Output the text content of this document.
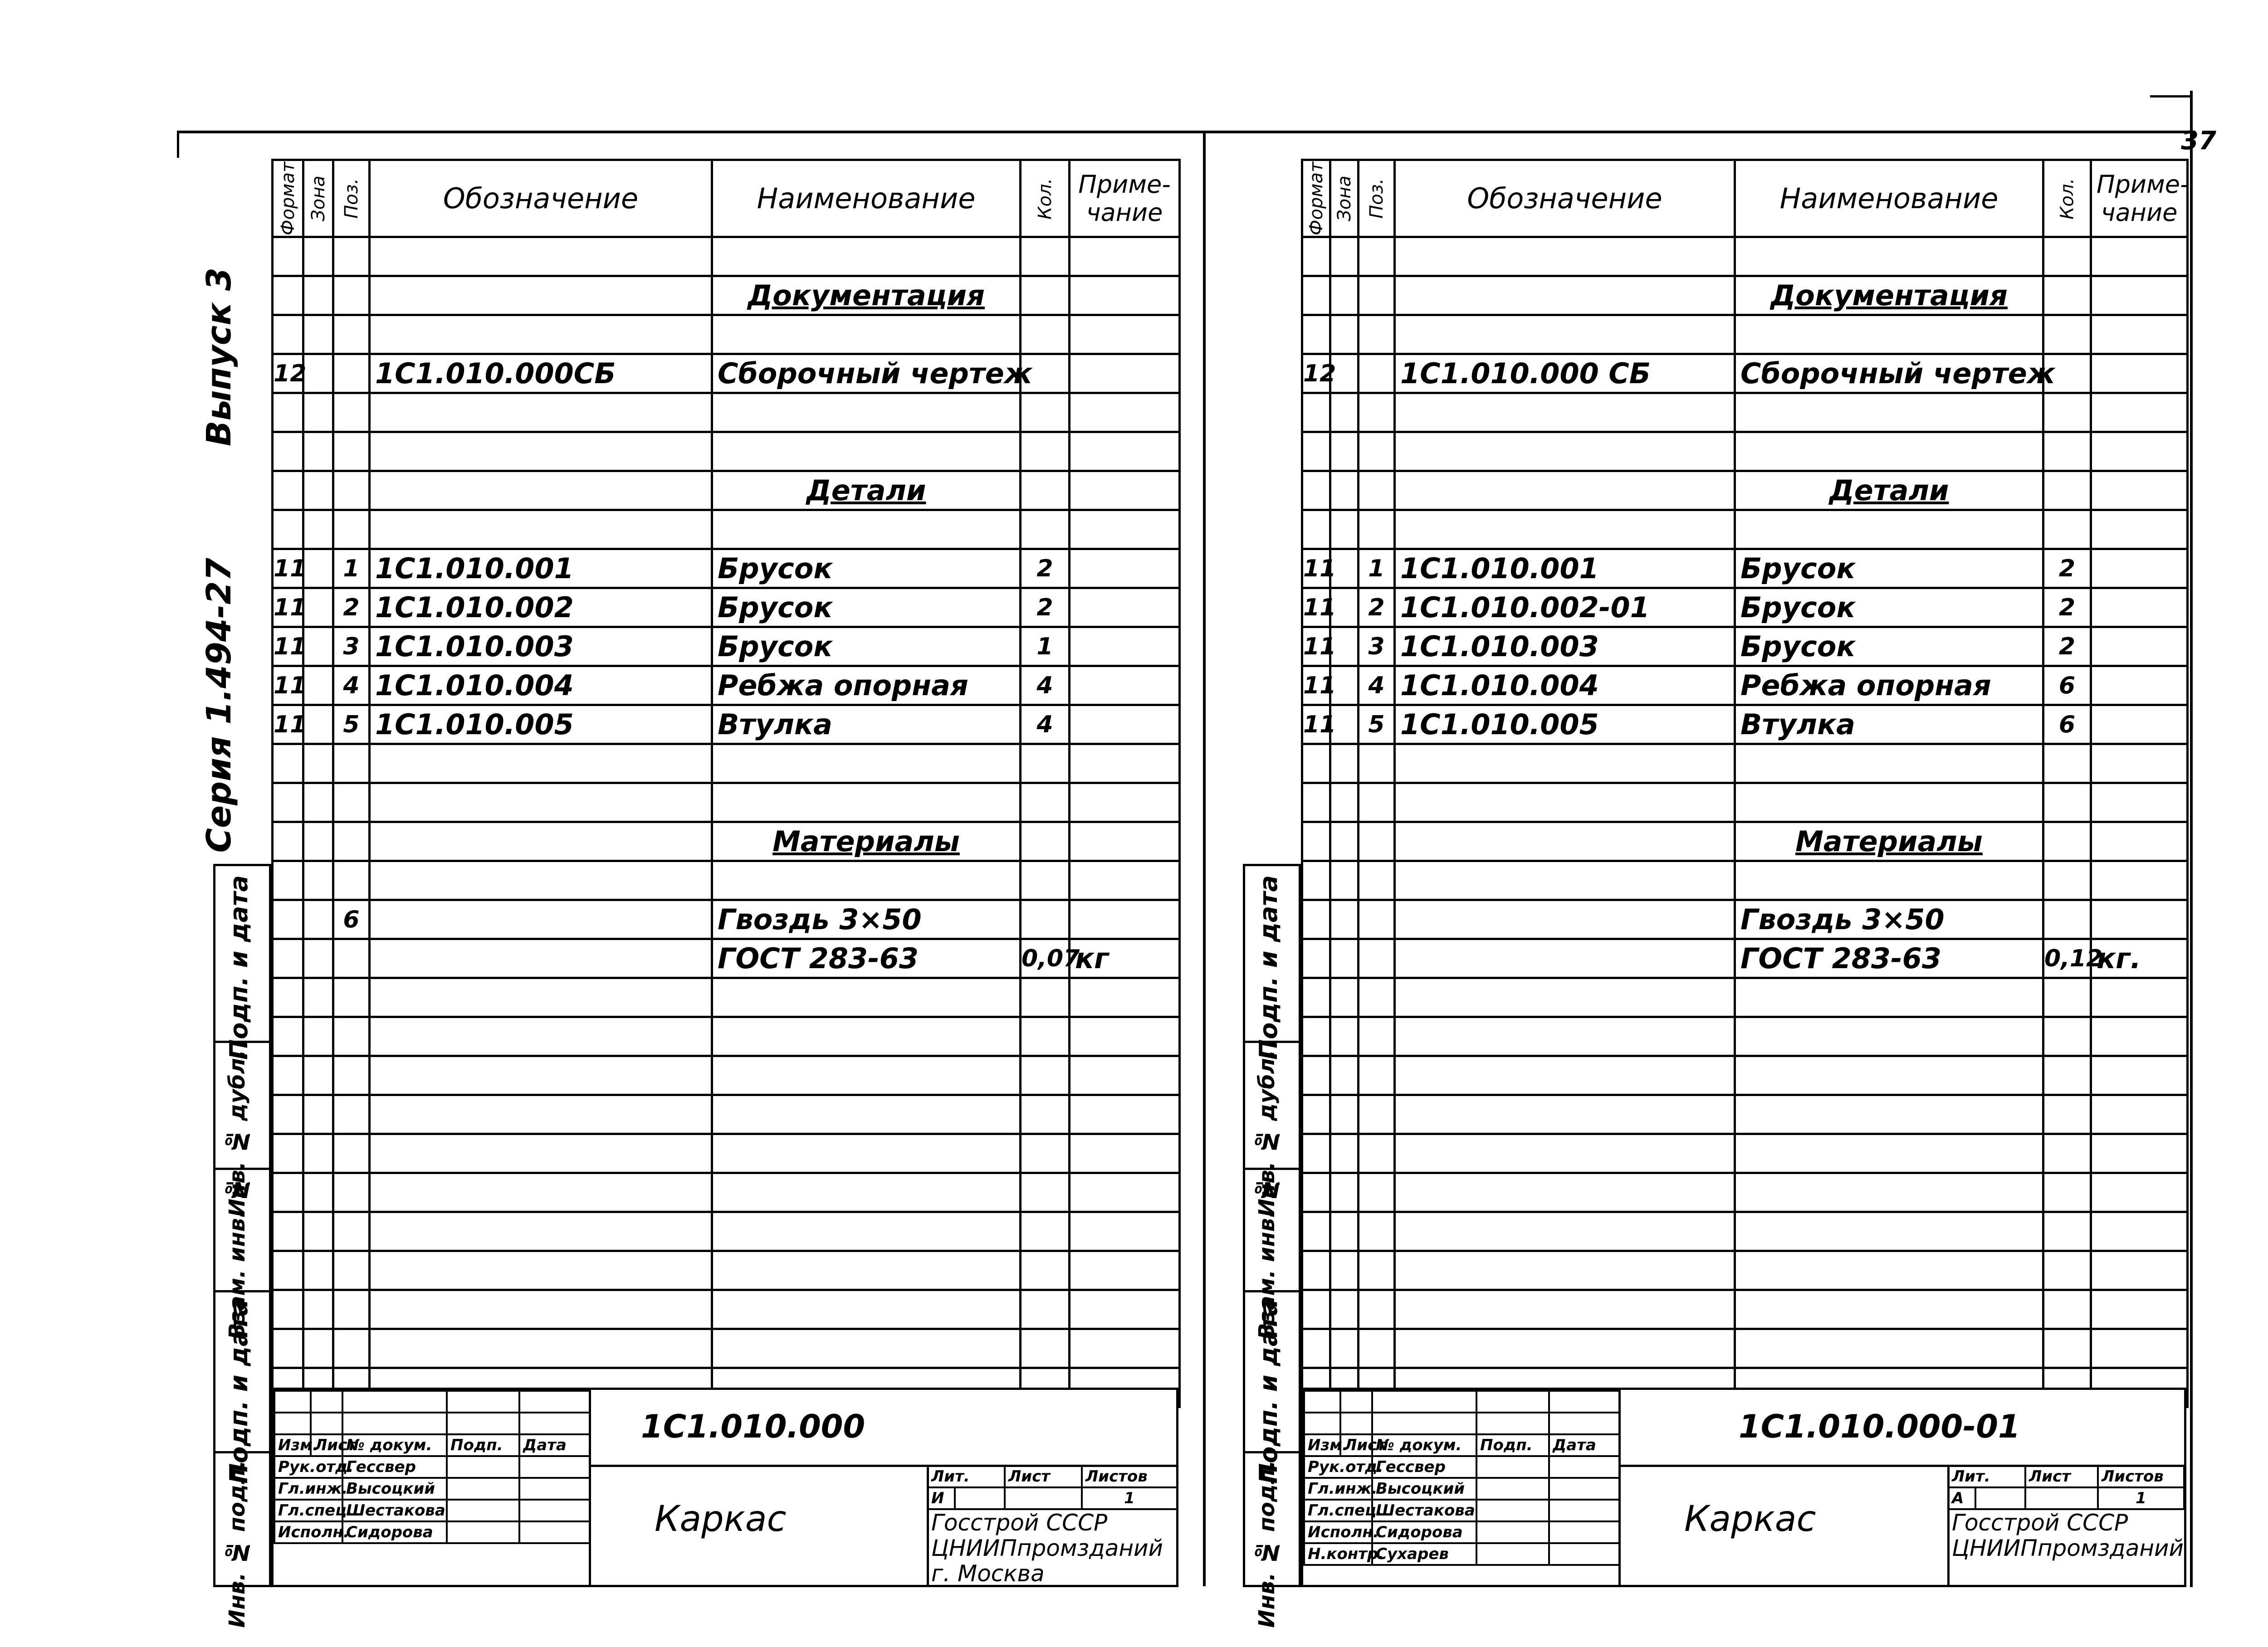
Серия 1.494-27
Выпуск 3
37
Подп. и дата
Инв. № дубл.
Взам. инв. №
Подп. и дата
Инв. № подл.
Подп. и дата
Инв. № дубл.
Взам. инв. №
Подп. и дата
Инв. № подл.
Формат	Зона	Поз.	Обозначение	Наименование	Кол.	Приме-
чание

				Документация		

12			1С1.010.000СБ	Сборочный чертеж		

				Детали		

11		1	1С1.010.001	Брусок	2	
11		2	1С1.010.002	Брусок	2	
11		3	1С1.010.003	Брусок	1	
11		4	1С1.010.004	Ребжа опорная	4	
11		5	1С1.010.005	Втулка	4	

				Материалы		

		6		Гвоздь 3×50		
				ГОСТ 283-63	0,07	кг

Формат	Зона	Поз.	Обозначение	Наименование	Кол.	Приме-
чание

				Документация		

12			1С1.010.000 СБ	Сборочный чертеж		

				Детали		

11		1	1С1.010.001	Брусок	2	
11		2	1С1.010.002-01	Брусок	2	
11		3	1С1.010.003	Брусок	2	
11		4	1С1.010.004	Ребжа опорная	6	
11		5	1С1.010.005	Втулка	6	

				Материалы		

				Гвоздь 3×50		
				ГОСТ 283-63	0,12	кг.

Изм.	Лист	№ докум.	Подп.	Дата
Рук.отд.		Гессвер		
Гл.инж.		Высоцкий		
Гл.спец.		Шестакова		
Исполн.		Сидорова		
1С1.010.000
Каркас
Лит.		Лист	Листов
И			1
Госстрой СССР
ЦНИИПпромзданий
г. Москва

Изм.	Лист	№ докум.	Подп.	Дата
Рук.отд.		Гессвер		
Гл.инж.		Высоцкий		
Гл.спец.		Шестакова		
Исполн.		Сидорова		
Н.контр.		Сухарев		
1С1.010.000-01
Каркас
Лит.		Лист	Листов
А			1
Госстрой СССР
ЦНИИПпромзданий
